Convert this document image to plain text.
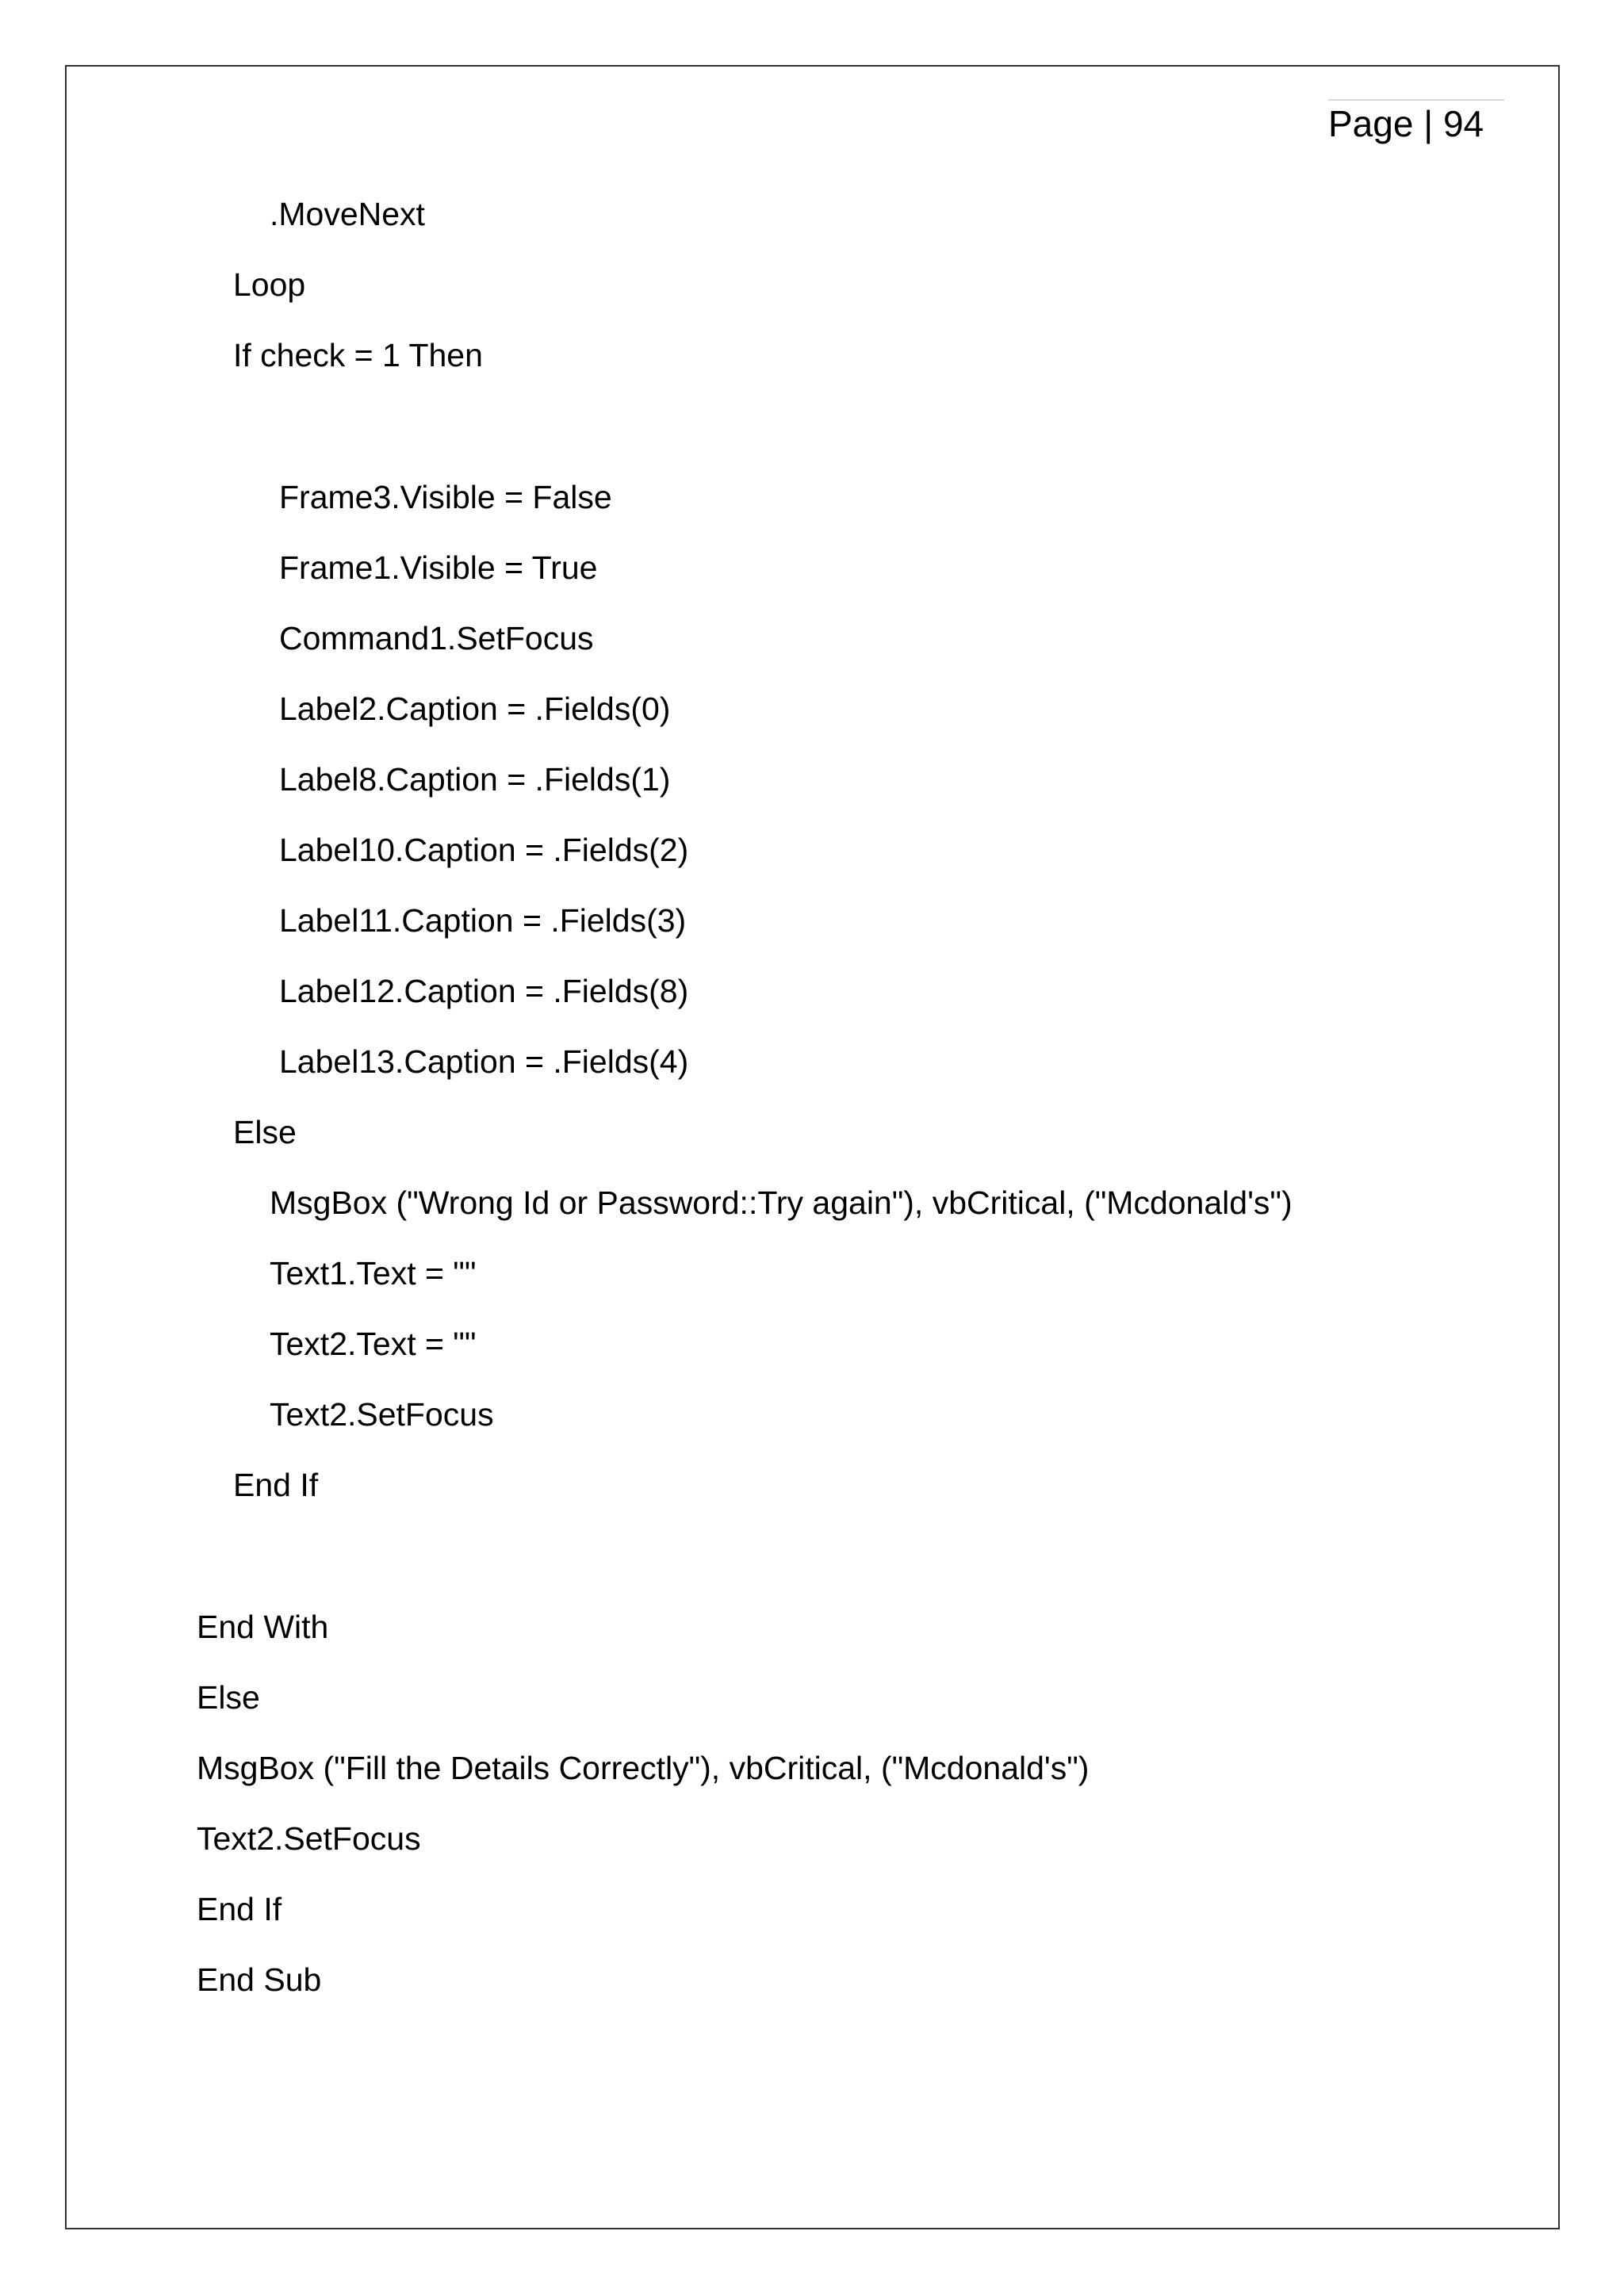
Page | 94
.MoveNext
Loop
If check = 1 Then
Frame3.Visible = False
Frame1.Visible = True
Command1.SetFocus
Label2.Caption = .Fields(0)
Label8.Caption = .Fields(1)
Label10.Caption = .Fields(2)
Label11.Caption = .Fields(3)
Label12.Caption = .Fields(8)
Label13.Caption = .Fields(4)
Else
MsgBox ("Wrong Id or Password::Try again"), vbCritical, ("Mcdonald's")
Text1.Text = ""
Text2.Text = ""
Text2.SetFocus
End If
End With
Else
MsgBox ("Fill the Details Correctly"), vbCritical, ("Mcdonald's")
Text2.SetFocus
End If
End Sub
